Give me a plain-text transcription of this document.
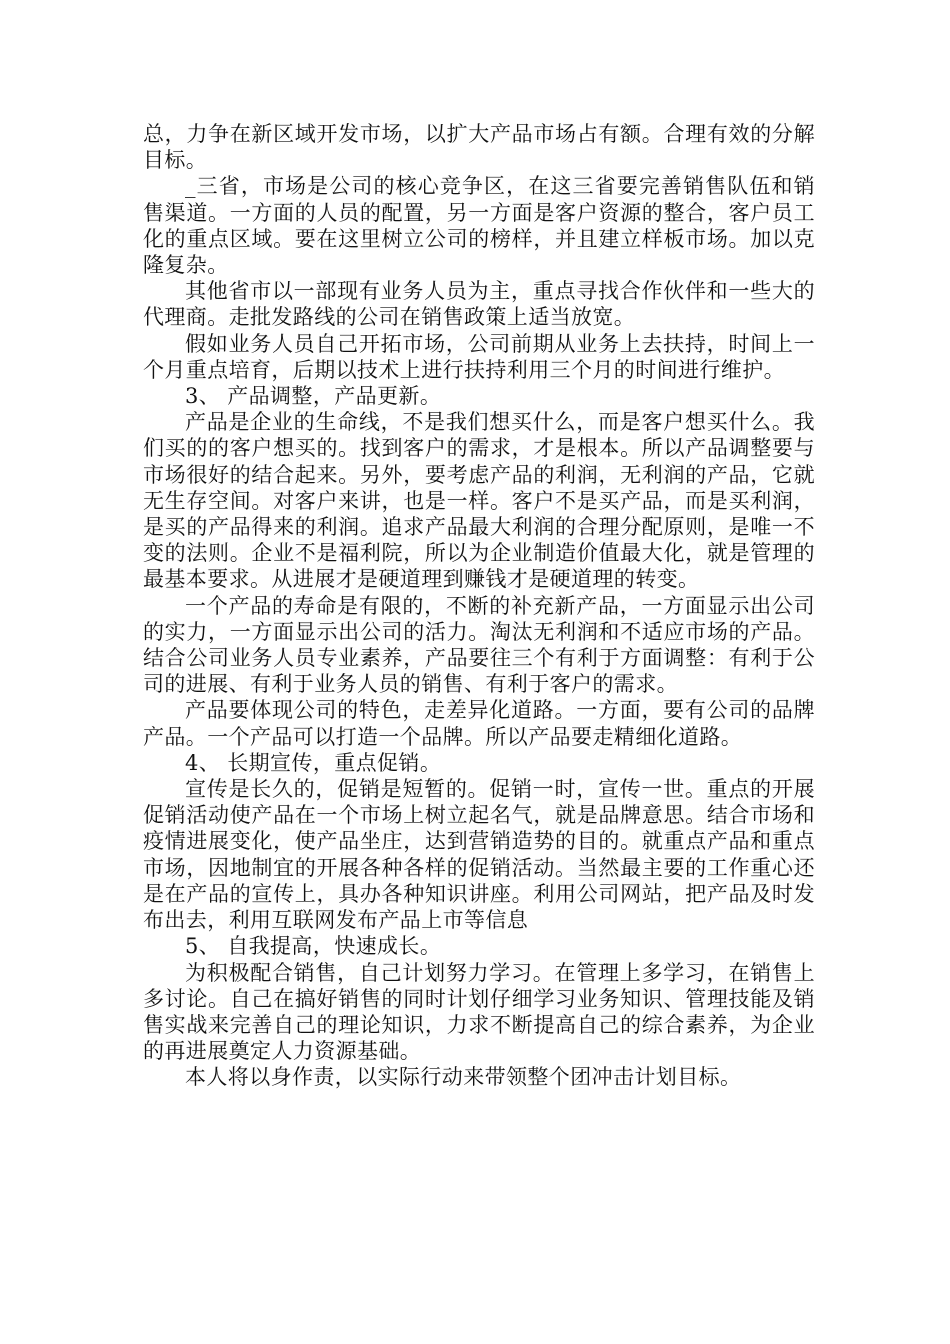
总，力争在新区域开发市场，以扩大产品市场占有额。合理有效的分解目标。

_三省，市场是公司的核心竞争区，在这三省要完善销售队伍和销售渠道。一方面的人员的配置，另一方面是客户资源的整合，客户员工化的重点区域。要在这里树立公司的榜样，并且建立样板市场。加以克隆复杂。

其他省市以一部现有业务人员为主，重点寻找合作伙伴和一些大的代理商。走批发路线的公司在销售政策上适当放宽。

假如业务人员自己开拓市场，公司前期从业务上去扶持，时间上一个月重点培育，后期以技术上进行扶持利用三个月的时间进行维护。

3、 产品调整，产品更新。

产品是企业的生命线，不是我们想买什么，而是客户想买什么。我们买的的客户想买的。找到客户的需求，才是根本。所以产品调整要与市场很好的结合起来。另外，要考虑产品的利润，无利润的产品，它就无生存空间。对客户来讲，也是一样。客户不是买产品，而是买利润，是买的产品得来的利润。追求产品最大利润的合理分配原则，是唯一不变的法则。企业不是福利院，所以为企业制造价值最大化，就是管理的最基本要求。从进展才是硬道理到赚钱才是硬道理的转变。

一个产品的寿命是有限的，不断的补充新产品，一方面显示出公司的实力，一方面显示出公司的活力。淘汰无利润和不适应市场的产品。结合公司业务人员专业素养，产品要往三个有利于方面调整：有利于公司的进展、有利于业务人员的销售、有利于客户的需求。

产品要体现公司的特色，走差异化道路。一方面，要有公司的品牌产品。一个产品可以打造一个品牌。所以产品要走精细化道路。

4、 长期宣传，重点促销。

宣传是长久的，促销是短暂的。促销一时，宣传一世。重点的开展促销活动使产品在一个市场上树立起名气，就是品牌意思。结合市场和疫情进展变化，使产品坐庄，达到营销造势的目的。就重点产品和重点市场，因地制宜的开展各种各样的促销活动。当然最主要的工作重心还是在产品的宣传上，具办各种知识讲座。利用公司网站，把产品及时发布出去，利用互联网发布产品上市等信息

5、 自我提高，快速成长。

为积极配合销售，自己计划努力学习。在管理上多学习，在销售上多讨论。自己在搞好销售的同时计划仔细学习业务知识、管理技能及销售实战来完善自己的理论知识，力求不断提高自己的综合素养，为企业的再进展奠定人力资源基础。

本人将以身作责，以实际行动来带领整个团冲击计划目标。
